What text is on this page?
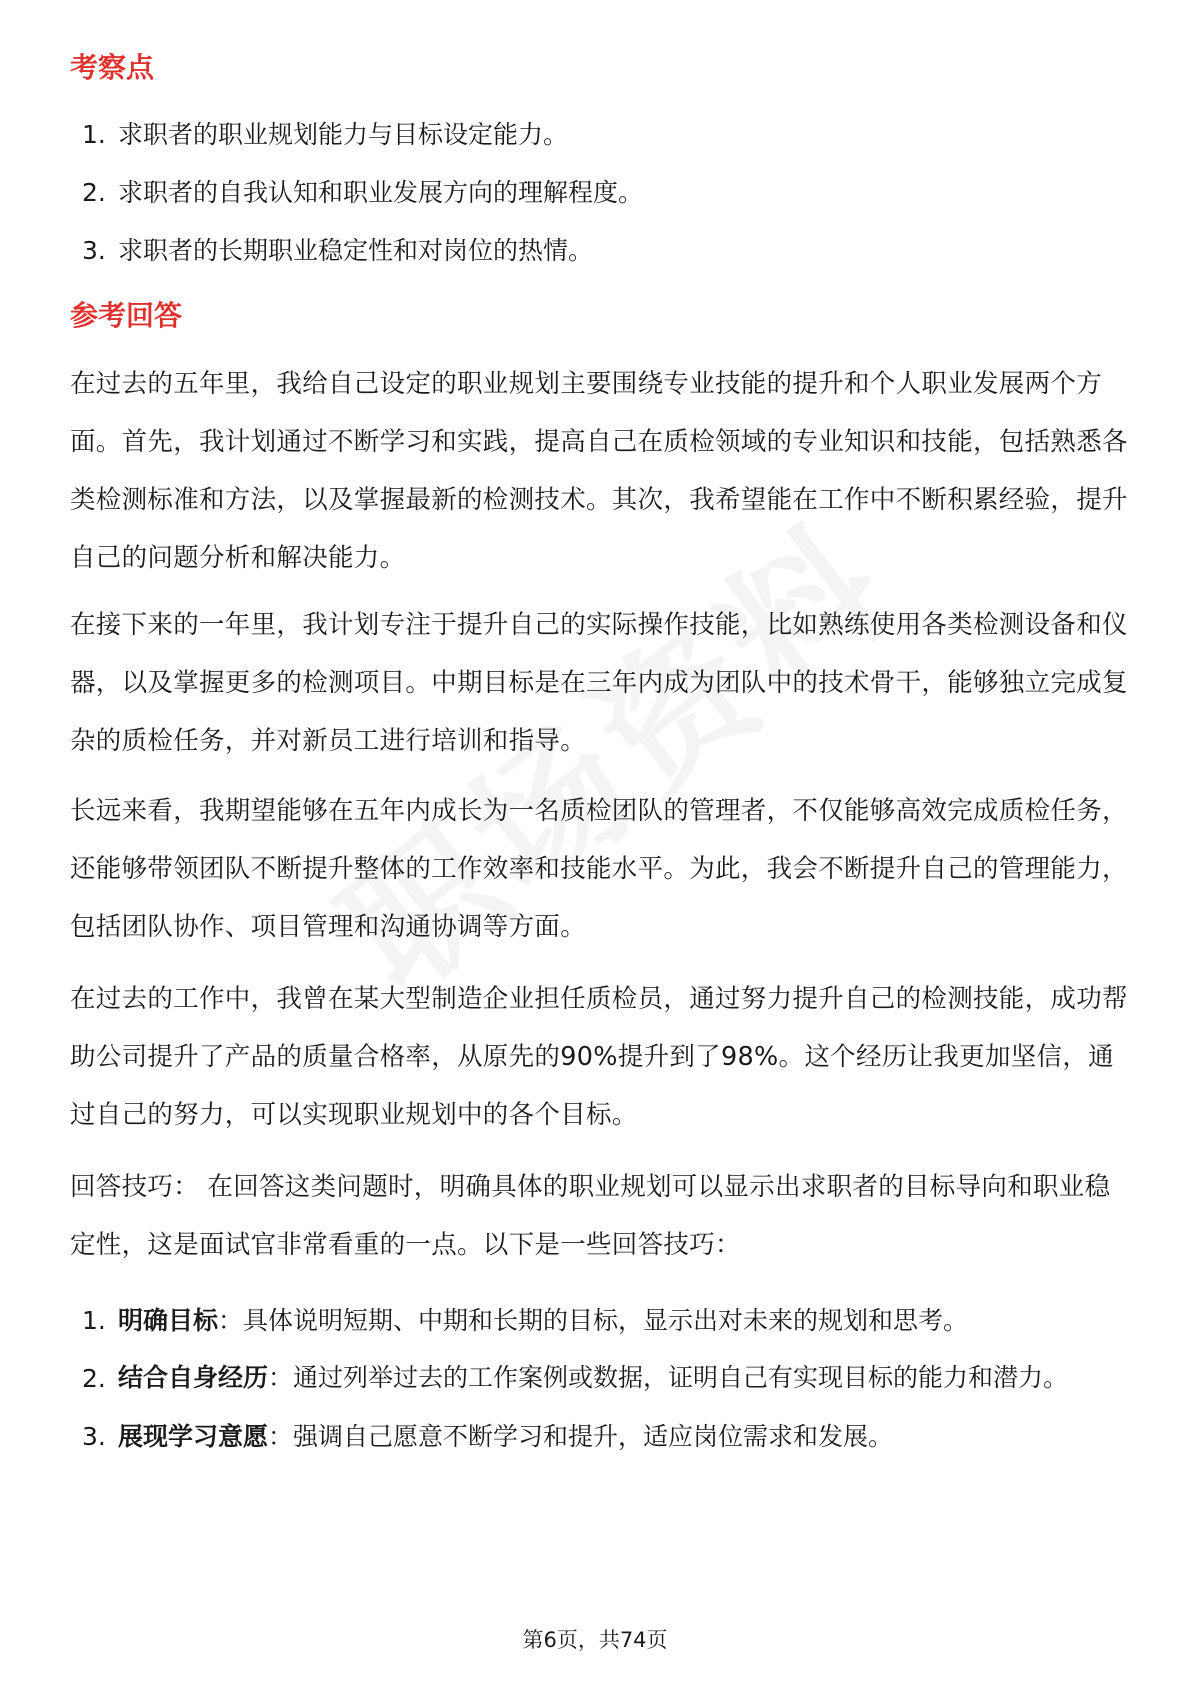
考察点
1. 求职者的职业规划能力与目标设定能力。
2. 求职者的自我认知和职业发展方向的理解程度。
3. 求职者的长期职业稳定性和对岗位的热情。
参考回答

在过去的五年里，我给自己设定的职业规划主要围绕专业技能的提升和个人职业发展两个方面。首先，我计划通过不断学习和实践，提高自己在质检领域的专业知识和技能，包括熟悉各类检测标准和方法，以及掌握最新的检测技术。其次，我希望能在工作中不断积累经验，提升自己的问题分析和解决能力。

在接下来的一年里，我计划专注于提升自己的实际操作技能，比如熟练使用各类检测设备和仪器，以及掌握更多的检测项目。中期目标是在三年内成为团队中的技术骨干，能够独立完成复杂的质检任务，并对新员工进行培训和指导。

长远来看，我期望能够在五年内成长为一名质检团队的管理者，不仅能够高效完成质检任务，还能够带领团队不断提升整体的工作效率和技能水平。为此，我会不断提升自己的管理能力，包括团队协作、项目管理和沟通协调等方面。

在过去的工作中，我曾在某大型制造企业担任质检员，通过努力提升自己的检测技能，成功帮助公司提升了产品的质量合格率，从原先的90%提升到了98%。这个经历让我更加坚信，通过自己的努力，可以实现职业规划中的各个目标。

回答技巧： 在回答这类问题时，明确具体的职业规划可以显示出求职者的目标导向和职业稳定性，这是面试官非常看重的一点。以下是一些回答技巧：

1. 明确目标：具体说明短期、中期和长期的目标，显示出对未来的规划和思考。
2. 结合自身经历：通过列举过去的工作案例或数据，证明自己有实现目标的能力和潜力。
3. 展现学习意愿：强调自己愿意不断学习和提升，适应岗位需求和发展。
第6页，共74页
